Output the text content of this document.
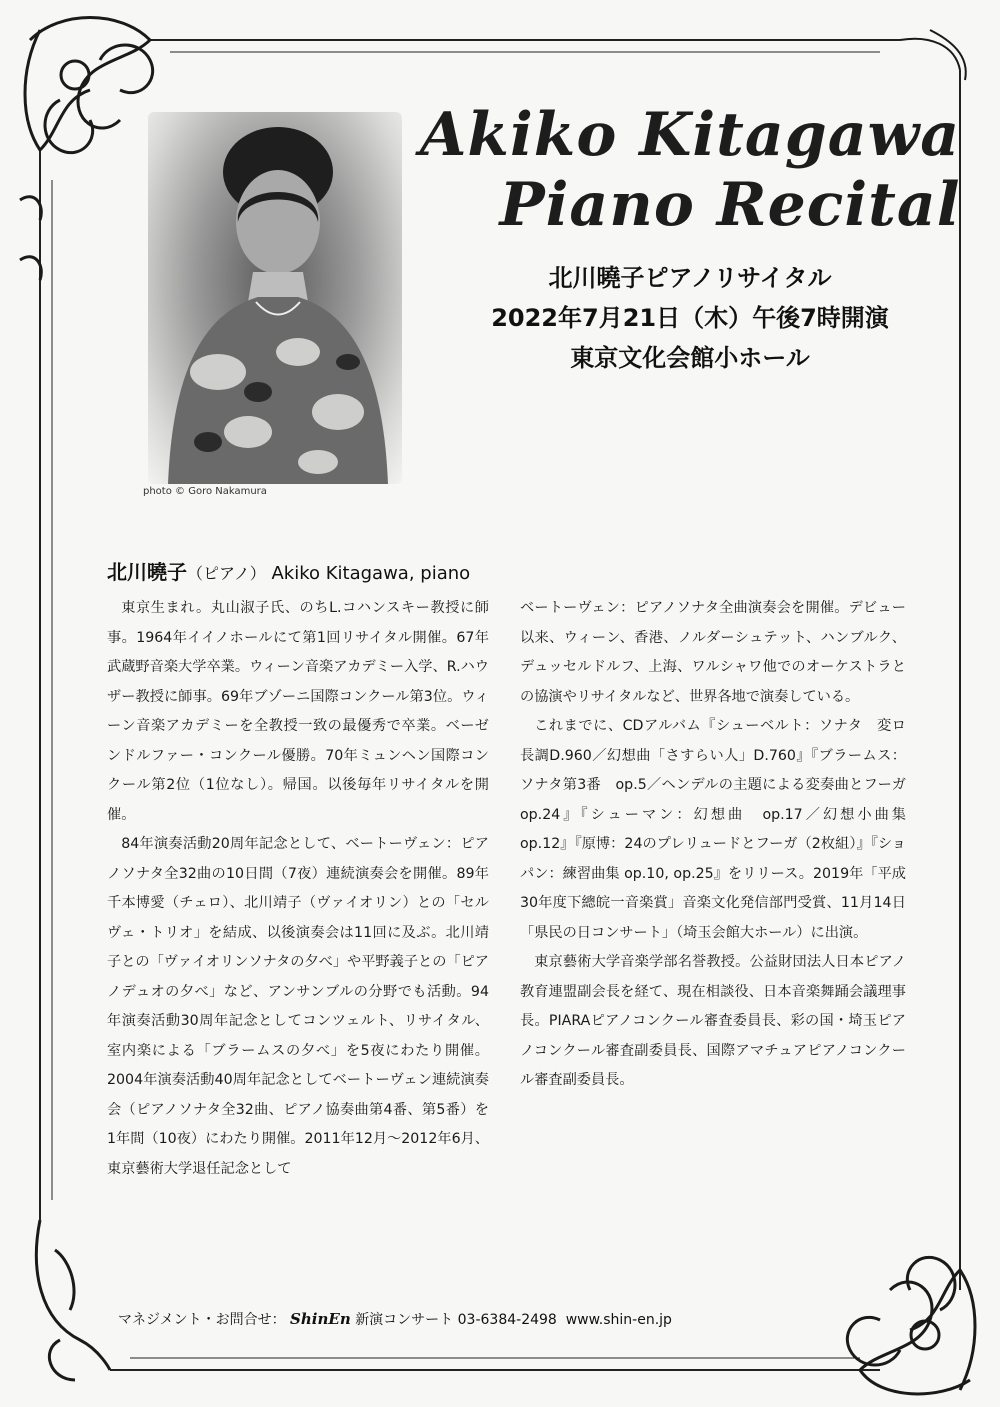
Akiko Kitagawa
Piano Recital
photo © Goro Nakamura
北川曉子ピアノリサイタル
2022年7月21日（木）午後7時開演
東京文化会館小ホール
北川曉子（ピアノ） Akiko Kitagawa, piano

東京生まれ。丸山淑子氏、のちL.コハンスキー教授に師事。1964年イイノホールにて第1回リサイタル開催。67年武蔵野音楽大学卒業。ウィーン音楽アカデミー入学、R.ハウザー教授に師事。69年ブゾーニ国際コンクール第3位。ウィーン音楽アカデミーを全教授一致の最優秀で卒業。ベーゼンドルファー・コンクール優勝。70年ミュンヘン国際コンクール第2位（1位なし）。帰国。以後毎年リサイタルを開催。

84年演奏活動20周年記念として、ベートーヴェン：ピアノソナタ全32曲の10日間（7夜）連続演奏会を開催。89年千本博愛（チェロ）、北川靖子（ヴァイオリン）との「セルヴェ・トリオ」を結成、以後演奏会は11回に及ぶ。北川靖子との「ヴァイオリンソナタの夕べ」や平野義子との「ピアノデュオの夕べ」など、アンサンブルの分野でも活動。94年演奏活動30周年記念としてコンツェルト、リサイタル、室内楽による「ブラームスの夕べ」を5夜にわたり開催。2004年演奏活動40周年記念としてベートーヴェン連続演奏会（ピアノソナタ全32曲、ピアノ協奏曲第4番、第5番）を1年間（10夜）にわたり開催。2011年12月〜2012年6月、東京藝術大学退任記念として

ベートーヴェン：ピアノソナタ全曲演奏会を開催。デビュー以来、ウィーン、香港、ノルダーシュテット、ハンブルク、デュッセルドルフ、上海、ワルシャワ他でのオーケストラとの協演やリサイタルなど、世界各地で演奏している。

これまでに、CDアルバム『シューベルト：ソナタ　変ロ長調D.960／幻想曲「さすらい人」D.760』『ブラームス：ソナタ第3番　op.5／ヘンデルの主題による変奏曲とフーガ　op.24』『シューマン：幻想曲　op.17／幻想小曲集　op.12』『原博：24のプレリュードとフーガ（2枚組）』『ショパン：練習曲集 op.10, op.25』をリリース。2019年「平成30年度下總皖一音楽賞」音楽文化発信部門受賞、11月14日「県民の日コンサート」（埼玉会館大ホール）に出演。

東京藝術大学音楽学部名誉教授。公益財団法人日本ピアノ教育連盟副会長を経て、現在相談役、日本音楽舞踊会議理事長。PIARAピアノコンクール審査委員長、彩の国・埼玉ピアノコンクール審査副委員長、国際アマチュアピアノコンクール審査副委員長。

マネジメント・お問合せ： ShinEn 新演コンサート 03-6384-2498 www.shin-en.jp
